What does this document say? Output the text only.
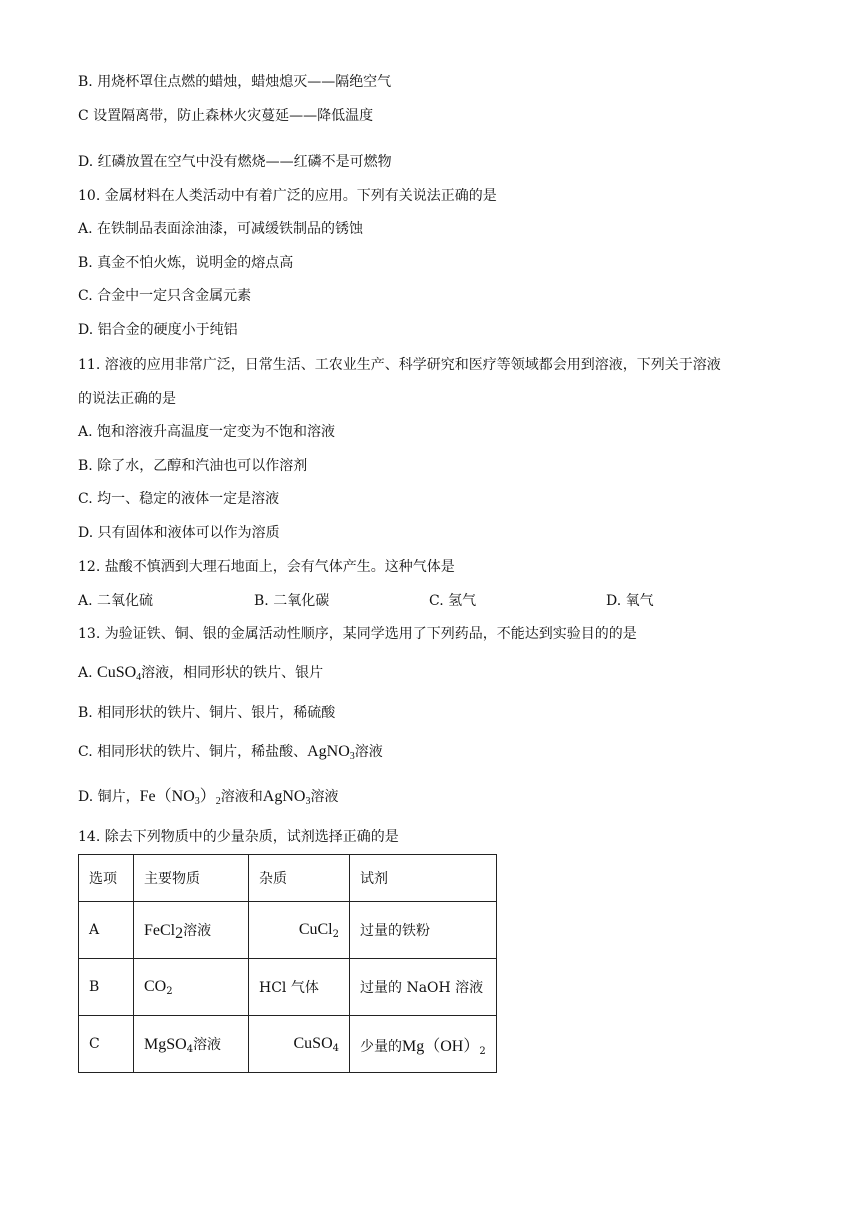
B. 用烧杯罩住点燃的蜡烛，蜡烛熄灭——隔绝空气
C 设置隔离带，防止森林火灾蔓延——降低温度
D. 红磷放置在空气中没有燃烧——红磷不是可燃物
10. 金属材料在人类活动中有着广泛的应用。下列有关说法正确的是
A. 在铁制品表面涂油漆，可减缓铁制品的锈蚀
B. 真金不怕火炼，说明金的熔点高
C. 合金中一定只含金属元素
D. 铝合金的硬度小于纯铝
11. 溶液的应用非常广泛，日常生活、工农业生产、科学研究和医疗等领域都会用到溶液，下列关于溶液
的说法正确的是
A. 饱和溶液升高温度一定变为不饱和溶液
B. 除了水，乙醇和汽油也可以作溶剂
C. 均一、稳定的液体一定是溶液
D. 只有固体和液体可以作为溶质
12. 盐酸不慎洒到大理石地面上，会有气体产生。这种气体是
A. 二氧化硫	B. 二氧化碳	C. 氢气	D. 氧气
13. 为验证铁、铜、银的金属活动性顺序，某同学选用了下列药品，不能达到实验目的的是
A. CuSO$_4$溶液，相同形状的铁片、银片
B. 相同形状的铁片、铜片、银片，稀硫酸
C. 相同形状的铁片、铜片，稀盐酸、AgNO$_3$溶液
D. 铜片，$Fe(NO_3)_2$溶液和AgNO$_3$溶液
14. 除去下列物质中的少量杂质，试剂选择正确的是
选项	主要物质	杂质	试剂
A	FeCl$_2$溶液	CuCl$_2$	过量的铁粉
B	$CO_2$	HCl 气体	过量的 NaOH 溶液
C	MgSO$_4$溶液	CuSO$_4$	少量的$Mg(OH)_2$
